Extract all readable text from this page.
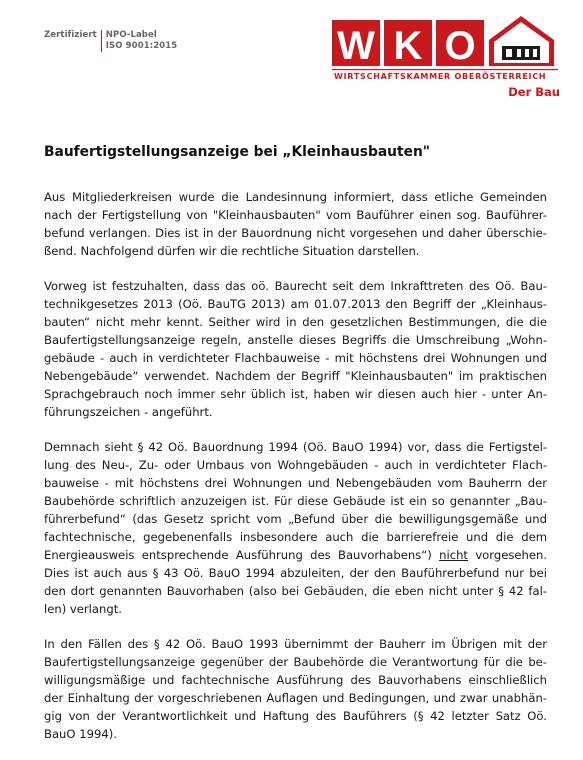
Zertifiziert	NPO-Label
ISO 9001:2015	W K O
WIRTSCHAFTSKAMMER OBERÖSTERREICH
Der Bau
Baufertigstellungsanzeige bei „Kleinhausbauten"

Aus Mitgliederkreisen wurde die Landesinnung informiert, dass etliche Gemeinden
nach der Fertigstellung von "Kleinhausbauten" vom Bauführer einen sog. Bauführer-
befund verlangen. Dies ist in der Bauordnung nicht vorgesehen und daher überschie-
ßend. Nachfolgend dürfen wir die rechtliche Situation darstellen.

Vorweg ist festzuhalten, dass das oö. Baurecht seit dem Inkrafttreten des Oö. Bau-
technikgesetzes 2013 (Oö. BauTG 2013) am 01.07.2013 den Begriff der „Kleinhaus-
bauten“ nicht mehr kennt. Seither wird in den gesetzlichen Bestimmungen, die die
Baufertigstellungsanzeige regeln, anstelle dieses Begriffs die Umschreibung „Wohn-
gebäude - auch in verdichteter Flachbauweise - mit höchstens drei Wohnungen und
Nebengebäude“ verwendet. Nachdem der Begriff "Kleinhausbauten" im praktischen
Sprachgebrauch noch immer sehr üblich ist, haben wir diesen auch hier - unter An-
führungszeichen - angeführt.

Demnach sieht § 42 Oö. Bauordnung 1994 (Oö. BauO 1994) vor, dass die Fertigstel-
lung des Neu-, Zu- oder Umbaus von Wohngebäuden - auch in verdichteter Flach-
bauweise - mit höchstens drei Wohnungen und Nebengebäuden vom Bauherrn der
Baubehörde schriftlich anzuzeigen ist. Für diese Gebäude ist ein so genannter „Bau-
führerbefund“ (das Gesetz spricht vom „Befund über die bewilligungsgemäße und
fachtechnische, gegebenenfalls insbesondere auch die barrierefreie und die dem
Energieausweis entsprechende Ausführung des Bauvorhabens“) nicht vorgesehen.
Dies ist auch aus § 43 Oö. BauO 1994 abzuleiten, der den Bauführerbefund nur bei
den dort genannten Bauvorhaben (also bei Gebäuden, die eben nicht unter § 42 fal-
len) verlangt.

In den Fällen des § 42 Oö. BauO 1993 übernimmt der Bauherr im Übrigen mit der
Baufertigstellungsanzeige gegenüber der Baubehörde die Verantwortung für die be-
willigungsmäßige und fachtechnische Ausführung des Bauvorhabens einschließlich
der Einhaltung der vorgeschriebenen Auflagen und Bedingungen, und zwar unabhän-
gig von der Verantwortlichkeit und Haftung des Bauführers (§ 42 letzter Satz Oö.
BauO 1994).
